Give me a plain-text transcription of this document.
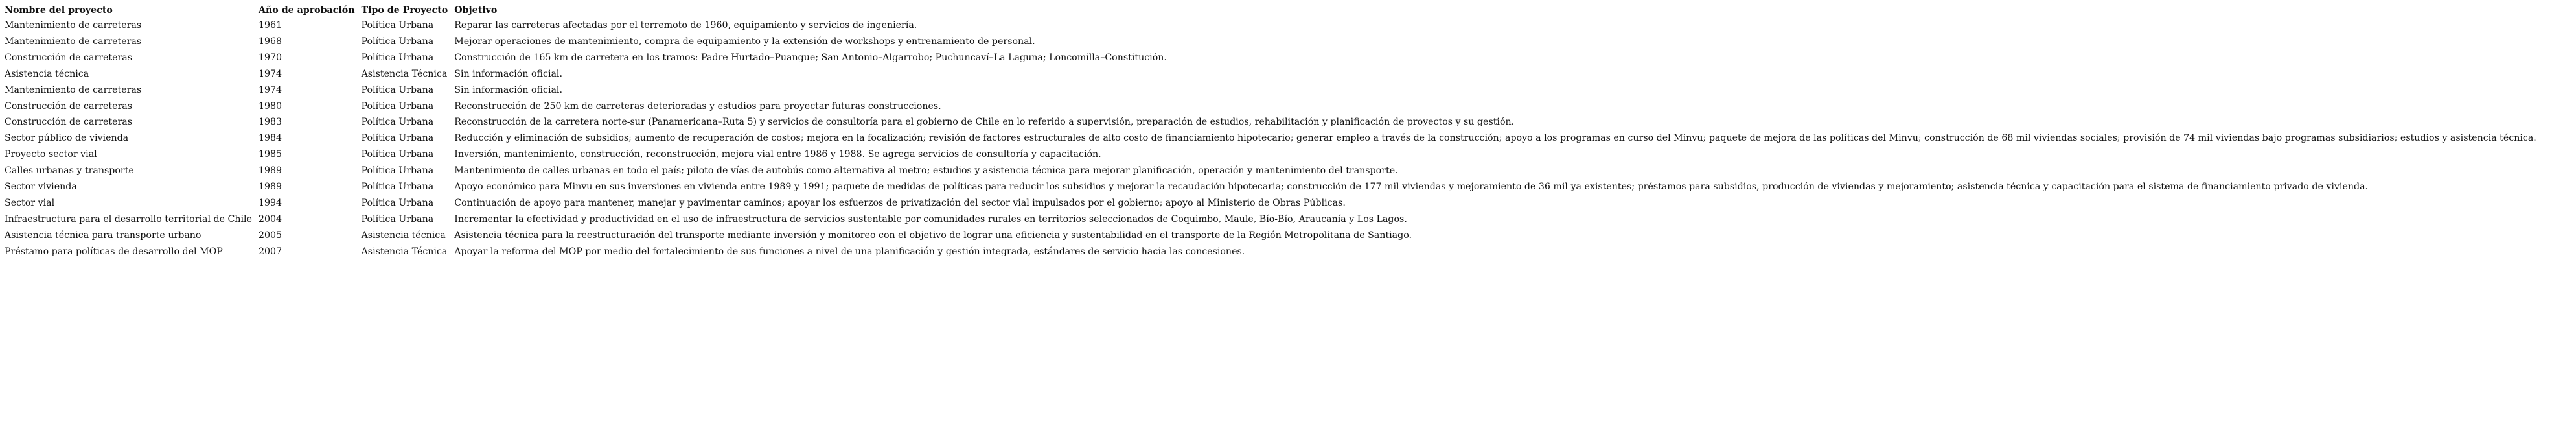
Nombre del proyecto	Año de aprobación	Tipo de Proyecto	Objetivo
Mantenimiento de carreteras	1961	Política Urbana	Reparar las carreteras afectadas por el terremoto de 1960, equipamiento y servicios de ingeniería.
Mantenimiento de carreteras	1968	Política Urbana	Mejorar operaciones de mantenimiento, compra de equipamiento y la extensión de workshops y entrenamiento de personal.
Construcción de carreteras	1970	Política Urbana	Construcción de 165 km de carretera en los tramos: Padre Hurtado–Puangue; San Antonio–Algarrobo; Puchuncaví–La Laguna; Loncomilla–Constitución.
Asistencia técnica	1974	Asistencia Técnica	Sin información oficial.
Mantenimiento de carreteras	1974	Política Urbana	Sin información oficial.
Construcción de carreteras	1980	Política Urbana	Reconstrucción de 250 km de carreteras deterioradas y estudios para proyectar futuras construcciones.
Construcción de carreteras	1983	Política Urbana	Reconstrucción de la carretera norte-sur (Panamericana–Ruta 5) y servicios de consultoría para el gobierno de Chile en lo referido a supervisión, preparación de estudios, rehabilitación y planificación de proyectos y su gestión.
Sector público de vivienda	1984	Política Urbana	Reducción y eliminación de subsidios; aumento de recuperación de costos; mejora en la focalización; revisión de factores estructurales de alto costo de financiamiento hipotecario; generar empleo a través de la construcción; apoyo a los programas en curso del Minvu; paquete de mejora de las políticas del Minvu; construcción de 68 mil viviendas sociales; provisión de 74 mil viviendas bajo programas subsidiarios; estudios y asistencia técnica.
Proyecto sector vial	1985	Política Urbana	Inversión, mantenimiento, construcción, reconstrucción, mejora vial entre 1986 y 1988. Se agrega servicios de consultoría y capacitación.
Calles urbanas y transporte	1989	Política Urbana	Mantenimiento de calles urbanas en todo el país; piloto de vías de autobús como alternativa al metro; estudios y asistencia técnica para mejorar planificación, operación y mantenimiento del transporte.
Sector vivienda	1989	Política Urbana	Apoyo económico para Minvu en sus inversiones en vivienda entre 1989 y 1991; paquete de medidas de políticas para reducir los subsidios y mejorar la recaudación hipotecaria; construcción de 177 mil viviendas y mejoramiento de 36 mil ya existentes; préstamos para subsidios, producción de viviendas y mejoramiento; asistencia técnica y capacitación para el sistema de financiamiento privado de vivienda.
Sector vial	1994	Política Urbana	Continuación de apoyo para mantener, manejar y pavimentar caminos; apoyar los esfuerzos de privatización del sector vial impulsados por el gobierno; apoyo al Ministerio de Obras Públicas.
Infraestructura para el desarrollo territorial de Chile	2004	Política Urbana	Incrementar la efectividad y productividad en el uso de infraestructura de servicios sustentable por comunidades rurales en territorios seleccionados de Coquimbo, Maule, Bío-Bío, Araucanía y Los Lagos.
Asistencia técnica para transporte urbano	2005	Asistencia técnica	Asistencia técnica para la reestructuración del transporte mediante inversión y monitoreo con el objetivo de lograr una eficiencia y sustentabilidad en el transporte de la Región Metropolitana de Santiago.
Préstamo para políticas de desarrollo del MOP	2007	Asistencia Técnica	Apoyar la reforma del MOP por medio del fortalecimiento de sus funciones a nivel de una planificación y gestión integrada, estándares de servicio hacia las concesiones.
